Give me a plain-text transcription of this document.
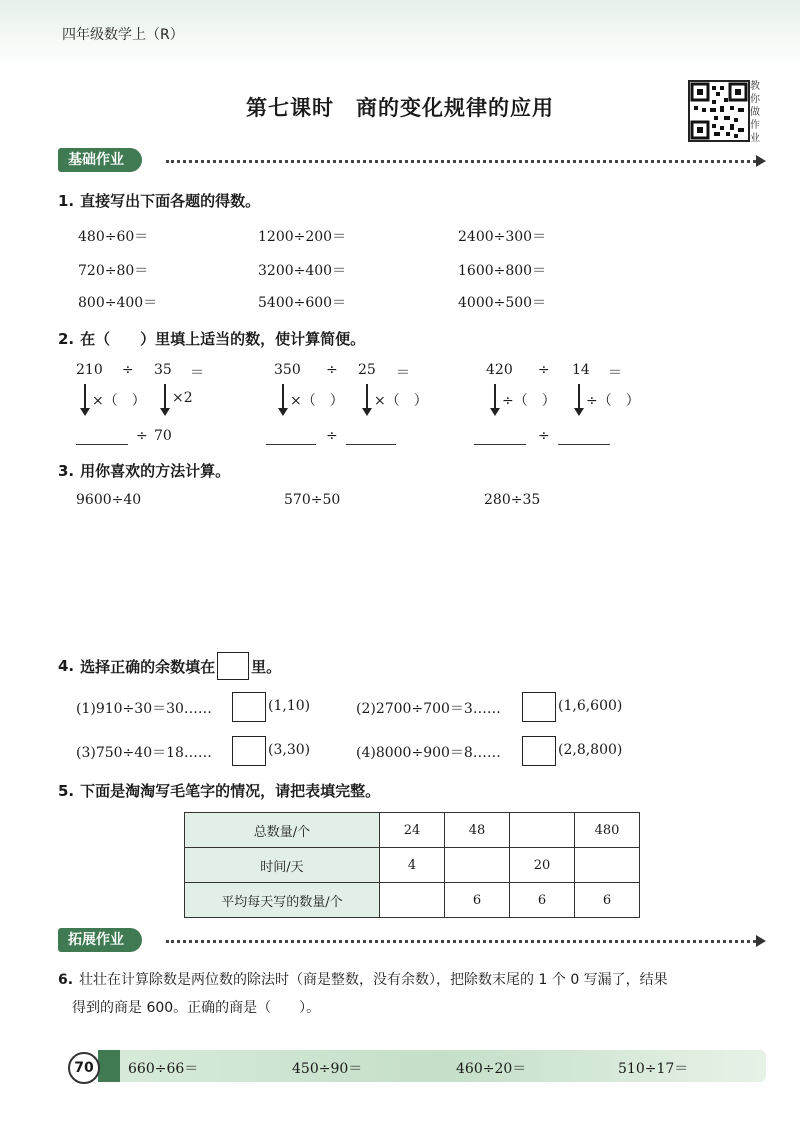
四年级数学上（R）
第七课时　商的变化规律的应用
教
你
做
作
业
基础作业
1. 直接写出下面各题的得数。
480÷60＝	1200÷200＝	2400÷300＝
720÷80＝	3200÷400＝	1600÷800＝
800÷400＝	5400÷600＝	4000÷500＝
2. 在（　　）里填上适当的数，使计算简便。
210 ÷ 35 ＝
×（　） ×2
÷ 70
350 ÷ 25 ＝
×（　） ×（　）
÷
420 ÷ 14 ＝
÷（　） ÷（　）
÷
3. 用你喜欢的方法计算。
9600÷40	570÷50	280÷35
4. 选择正确的余数填在 里。
(1)910÷30＝30……	(1,10)	(2)2700÷700＝3……	(1,6,600)
(3)750÷40＝18……	(3,30)	(4)8000÷900＝8……	(2,8,800)
5. 下面是淘淘写毛笔字的情况，请把表填完整。
总数量/个	24	48		480
时间/天	4		20	
平均每天写的数量/个		6	6	6
拓展作业
6. 壮壮在计算除数是两位数的除法时（商是整数，没有余数），把除数末尾的 1 个 0 写漏了，结果
得到的商是 600。正确的商是（　　）。
70	660÷66＝	450÷90＝	460÷20＝	510÷17＝
